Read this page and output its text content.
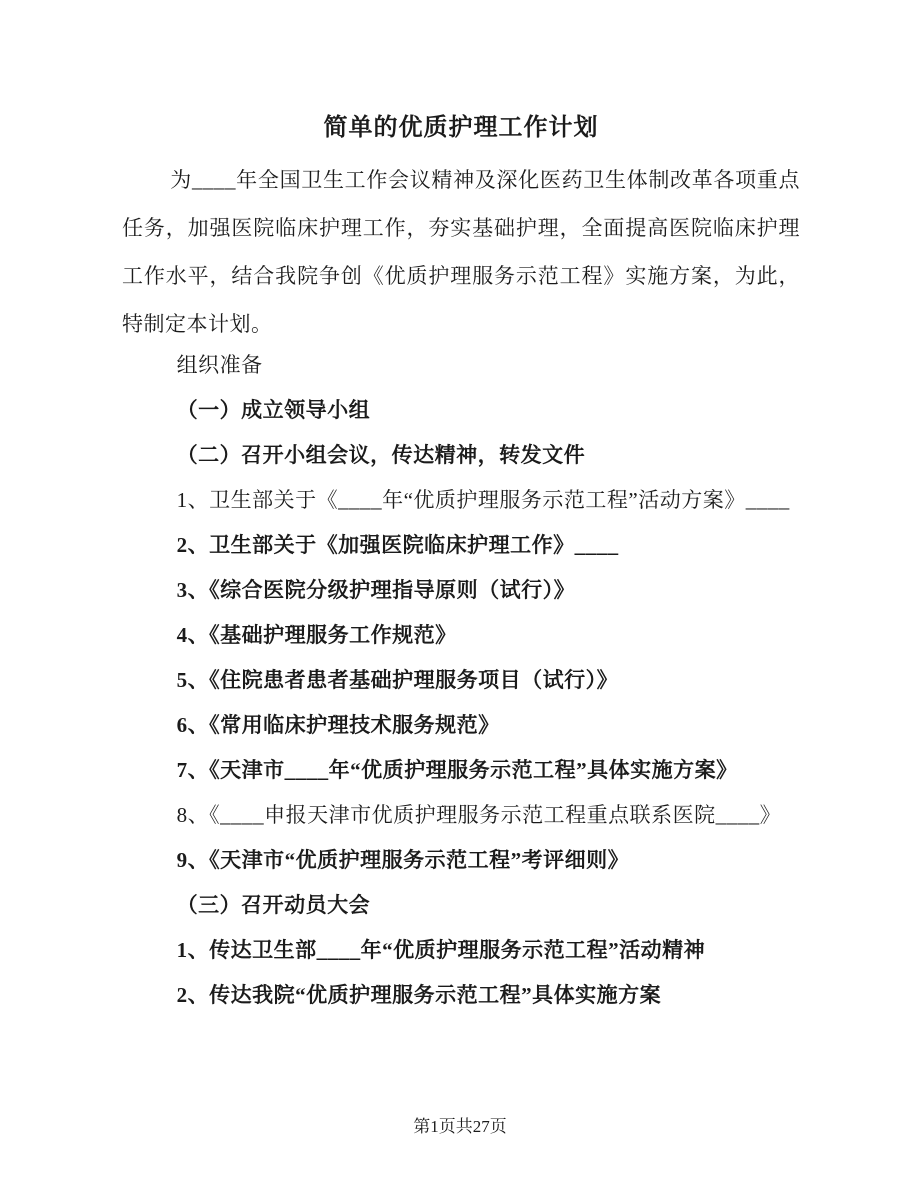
简单的优质护理工作计划

为____年全国卫生工作会议精神及深化医药卫生体制改革各项重点任务，加强医院临床护理工作，夯实基础护理，全面提高医院临床护理工作水平，结合我院争创《优质护理服务示范工程》实施方案，为此，特制定本计划。

组织准备

（一）成立领导小组

（二）召开小组会议，传达精神，转发文件

1、卫生部关于《____年“优质护理服务示范工程”活动方案》____

2、卫生部关于《加强医院临床护理工作》____

3、《综合医院分级护理指导原则（试行）》

4、《基础护理服务工作规范》

5、《住院患者患者基础护理服务项目（试行）》

6、《常用临床护理技术服务规范》

7、《天津市____年“优质护理服务示范工程”具体实施方案》

8、《____申报天津市优质护理服务示范工程重点联系医院____》

9、《天津市“优质护理服务示范工程”考评细则》

（三）召开动员大会

1、传达卫生部____年“优质护理服务示范工程”活动精神

2、传达我院“优质护理服务示范工程”具体实施方案

第1页共27页
